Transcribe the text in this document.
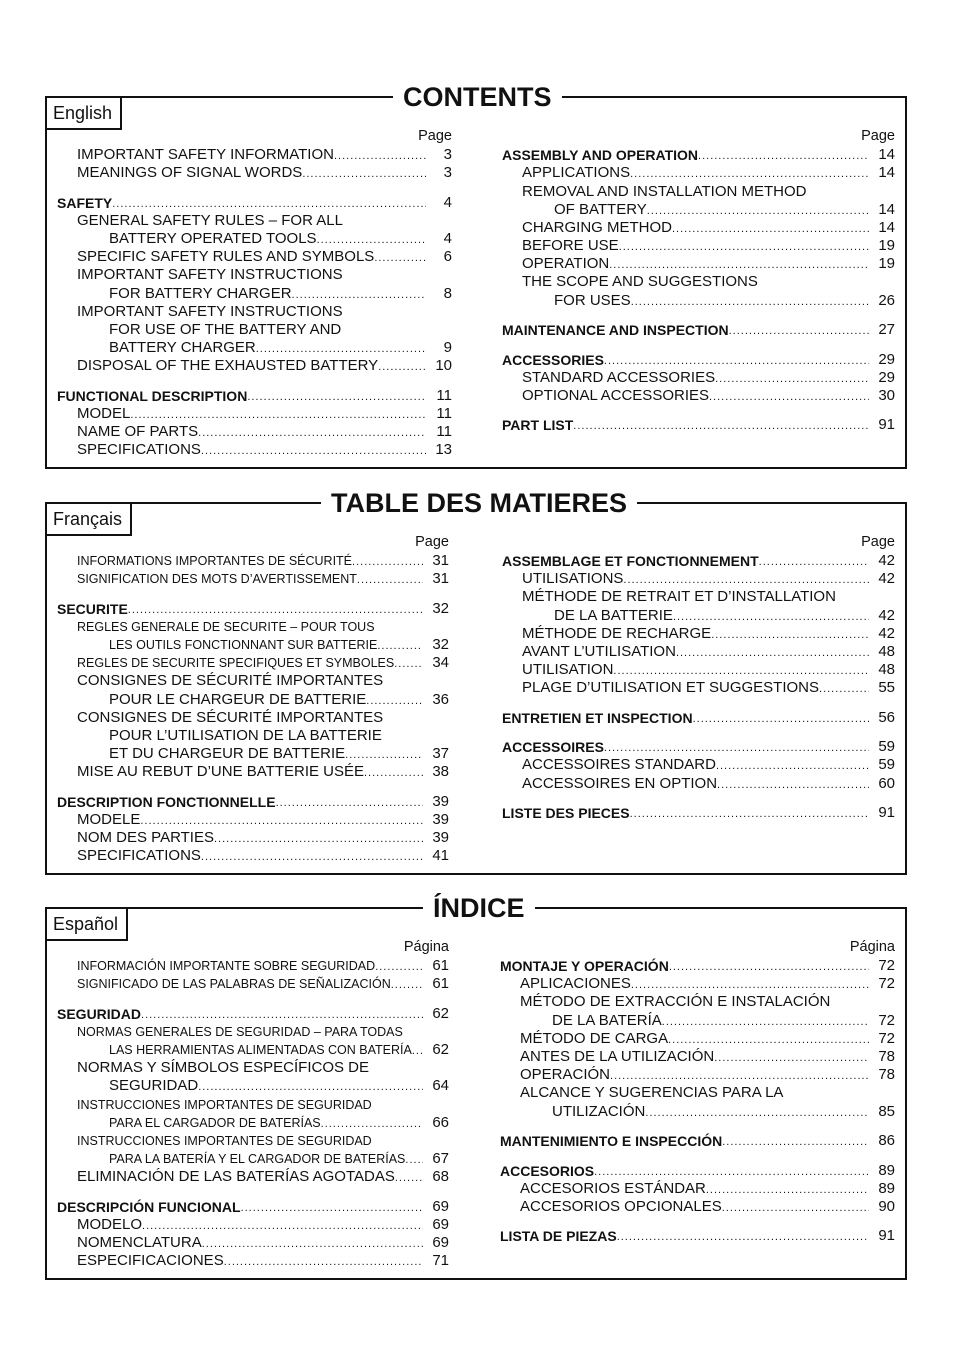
English
CONTENTS
Page
IMPORTANT SAFETY INFORMATION .....	3
MEANINGS OF SIGNAL WORDS .....	3
SAFETY .....	4
GENERAL SAFETY RULES – FOR ALL
BATTERY OPERATED TOOLS .....	4
SPECIFIC SAFETY RULES AND SYMBOLS .....	6
IMPORTANT SAFETY INSTRUCTIONS
FOR BATTERY CHARGER .....	8
IMPORTANT SAFETY INSTRUCTIONS
FOR USE OF THE BATTERY AND
BATTERY CHARGER .....	9
DISPOSAL OF THE EXHAUSTED BATTERY .....	10
FUNCTIONAL DESCRIPTION .....	11
MODEL .....	11
NAME OF PARTS .....	11
SPECIFICATIONS .....	13
Page
ASSEMBLY AND OPERATION .....	14
APPLICATIONS .....	14
REMOVAL AND INSTALLATION METHOD
OF BATTERY .....	14
CHARGING METHOD .....	14
BEFORE USE .....	19
OPERATION .....	19
THE SCOPE AND SUGGESTIONS
FOR USES .....	26
MAINTENANCE AND INSPECTION .....	27
ACCESSORIES .....	29
STANDARD ACCESSORIES .....	29
OPTIONAL ACCESSORIES .....	30
PART LIST .....	91
Français
TABLE DES MATIERES
Page
INFORMATIONS IMPORTANTES DE SÉCURITÉ .....	31
SIGNIFICATION DES MOTS D’AVERTISSEMENT .....	31
SECURITE .....	32
REGLES GENERALE DE SECURITE – POUR TOUS
LES OUTILS FONCTIONNANT SUR BATTERIE .....	32
REGLES DE SECURITE SPECIFIQUES ET SYMBOLES .....	34
CONSIGNES DE SÉCURITÉ IMPORTANTES
POUR LE CHARGEUR DE BATTERIE .....	36
CONSIGNES DE SÉCURITÉ IMPORTANTES
POUR L’UTILISATION DE LA BATTERIE
ET DU CHARGEUR DE BATTERIE .....	37
MISE AU REBUT D’UNE BATTERIE USÉE .....	38
DESCRIPTION FONCTIONNELLE .....	39
MODELE .....	39
NOM DES PARTIES .....	39
SPECIFICATIONS .....	41
Page
ASSEMBLAGE ET FONCTIONNEMENT .....	42
UTILISATIONS .....	42
MÉTHODE DE RETRAIT ET D’INSTALLATION
DE LA BATTERIE .....	42
MÉTHODE DE RECHARGE .....	42
AVANT L’UTILISATION .....	48
UTILISATION .....	48
PLAGE D’UTILISATION ET SUGGESTIONS .....	55
ENTRETIEN ET INSPECTION .....	56
ACCESSOIRES .....	59
ACCESSOIRES STANDARD .....	59
ACCESSOIRES EN OPTION .....	60
LISTE DES PIECES .....	91
Español
ÍNDICE
Página
INFORMACIÓN IMPORTANTE SOBRE SEGURIDAD .....	61
SIGNIFICADO DE LAS PALABRAS DE SEÑALIZACIÓN .....	61
SEGURIDAD .....	62
NORMAS GENERALES DE SEGURIDAD – PARA TODAS
LAS HERRAMIENTAS ALIMENTADAS CON BATERÍA .....	62
NORMAS Y SÍMBOLOS ESPECÍFICOS DE
SEGURIDAD .....	64
INSTRUCCIONES IMPORTANTES DE SEGURIDAD
PARA EL CARGADOR DE BATERÍAS .....	66
INSTRUCCIONES IMPORTANTES DE SEGURIDAD
PARA LA BATERÍA Y EL CARGADOR DE BATERÍAS .....	67
ELIMINACIÓN DE LAS BATERÍAS AGOTADAS .....	68
DESCRIPCIÓN FUNCIONAL .....	69
MODELO .....	69
NOMENCLATURA .....	69
ESPECIFICACIONES .....	71
Página
MONTAJE Y OPERACIÓN .....	72
APLICACIONES .....	72
MÉTODO DE EXTRACCIÓN E INSTALACIÓN
DE LA BATERÍA .....	72
MÉTODO DE CARGA .....	72
ANTES DE LA UTILIZACIÓN .....	78
OPERACIÓN .....	78
ALCANCE Y SUGERENCIAS PARA LA
UTILIZACIÓN .....	85
MANTENIMIENTO E INSPECCIÓN .....	86
ACCESORIOS .....	89
ACCESORIOS ESTÁNDAR .....	89
ACCESORIOS OPCIONALES .....	90
LISTA DE PIEZAS .....	91
